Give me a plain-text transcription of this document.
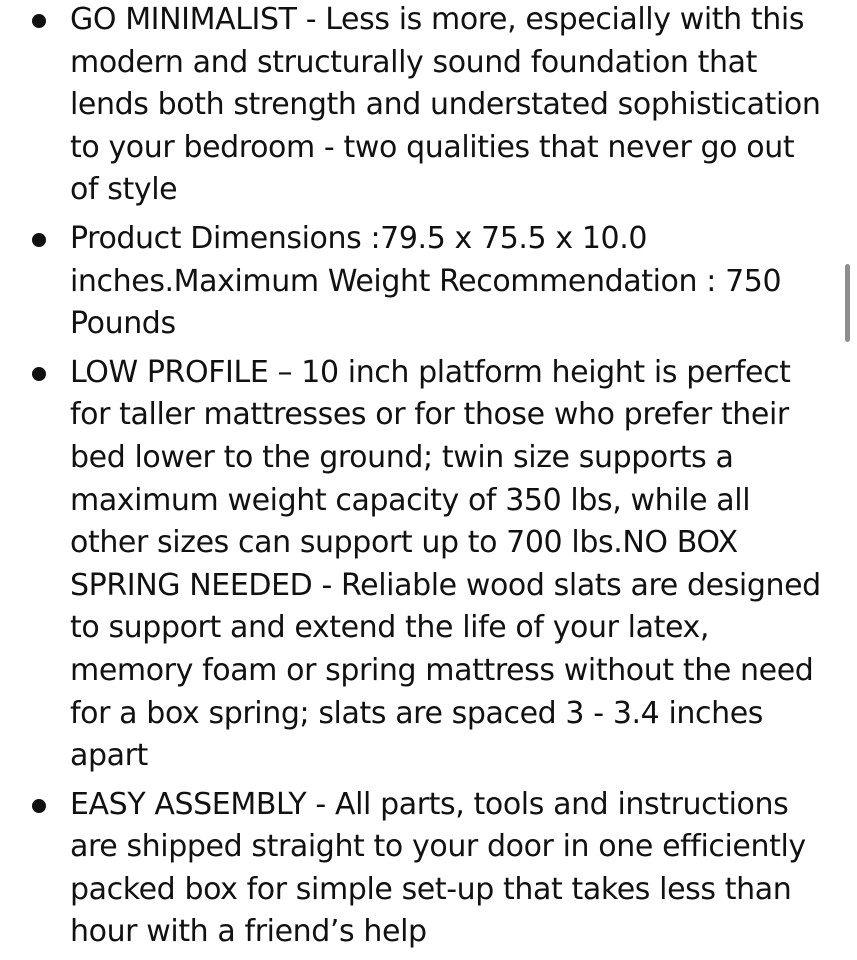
GO MINIMALIST - Less is more, especially with this modern and structurally sound foundation that lends both strength and understated sophistication to your bedroom - two qualities that never go out of style
Product Dimensions :79.5 x 75.5 x 10.0 inches.Maximum Weight Recommendation : 750 Pounds
LOW PROFILE – 10 inch platform height is perfect for taller mattresses or for those who prefer their bed lower to the ground; twin size supports a maximum weight capacity of 350 lbs, while all other sizes can support up to 700 lbs.NO BOX SPRING NEEDED - Reliable wood slats are designed to support and extend the life of your latex, memory foam or spring mattress without the need for a box spring; slats are spaced 3 - 3.4 inches apart
EASY ASSEMBLY - All parts, tools and instructions are shipped straight to your door in one efficiently packed box for simple set-up that takes less than hour with a friend’s help
